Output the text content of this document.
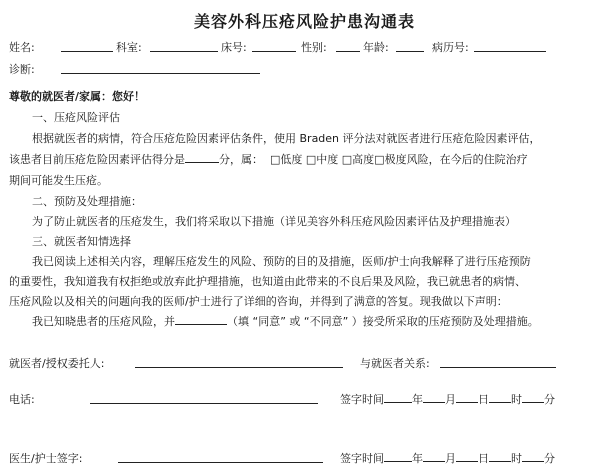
美容外科压疮风险护患沟通表
姓名:	科室:	床号:	性别:	年龄:	病历号:
诊断:
尊敬的就医者/家属：您好！
一、压疮风险评估
根据就医者的病情，符合压疮危险因素评估条件，使用 Braden 评分法对就医者进行压疮危险因素评估，
该患者目前压疮危险因素评估得分是	分，属： □低度 □中度 □高度□极度风险，在今后的住院治疗
期间可能发生压疮。
二、预防及处理措施：
为了防止就医者的压疮发生，我们将采取以下措施（详见美容外科压疮风险因素评估及护理措施表）
三、就医者知情选择
我已阅读上述相关内容，理解压疮发生的风险、预防的目的及措施，医师/护士向我解释了进行压疮预防
的重要性，我知道我有权拒绝或放弃此护理措施，也知道由此带来的不良后果及风险，我已就患者的病情、
压疮风险以及相关的问题向我的医师/护士进行了详细的咨询，并得到了满意的答复。现我做以下声明：
我已知晓患者的压疮风险，并	（填 “同意” 或 “不同意” ）接受所采取的压疮预防及处理措施。
就医者/授权委托人:	与就医者关系:
电话:	签字时间	年 月 日 时 分
医生/护士签字:	签字时间	年 月 日 时 分
